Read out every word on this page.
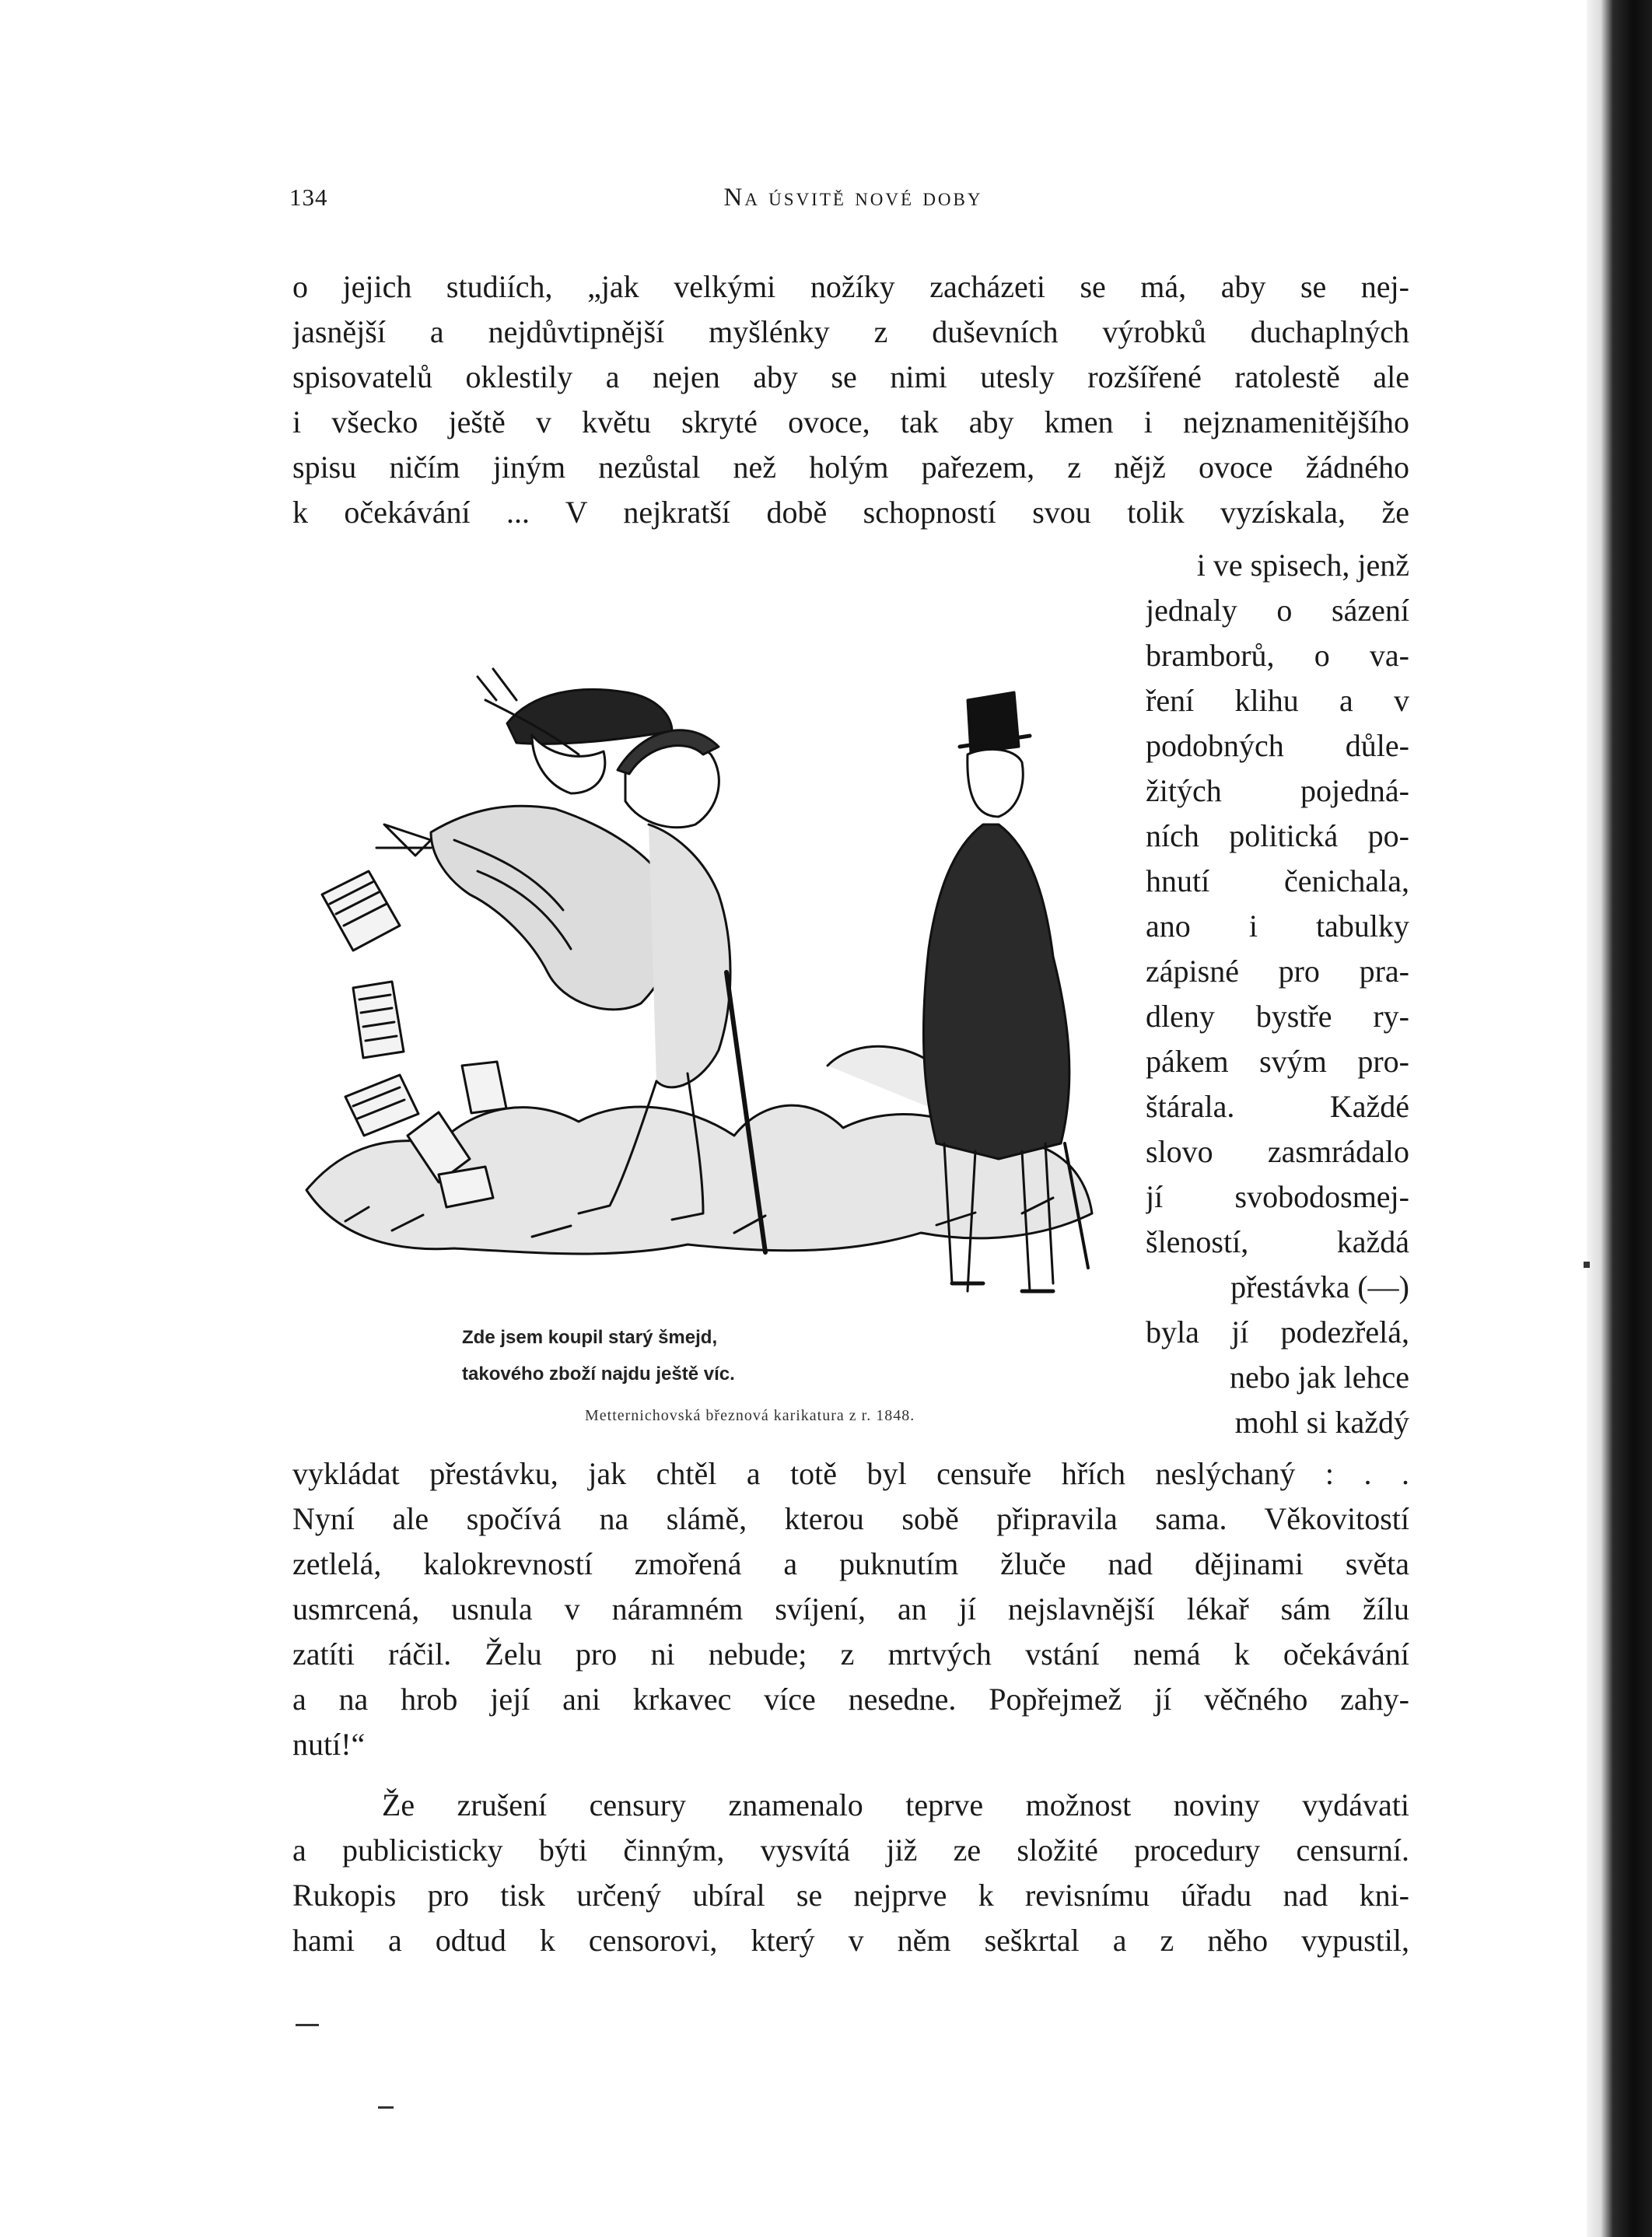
134	Na úsvitě nové doby
o jejich studiích, „jak velkými nožíky zacházeti se má, aby se nej-
jasnější a nejdůvtipnější myšlénky z duševních výrobků duchaplných
spisovatelů oklestily a nejen aby se nimi utesly rozšířené ratolestě ale
i všecko ještě v květu skryté ovoce, tak aby kmen i nejznamenitějšího
spisu ničím jiným nezůstal než holým pařezem, z nějž ovoce žádného
k očekávání ... V nejkratší době schopností svou tolik vyzískala, že
i ve spisech, jenž
jednaly o sázení
bramborů, o va-
ření klihu a v
podobných důle-
žitých pojedná-
ních politická po-
hnutí čenichala,
ano i tabulky
zápisné pro pra-
dleny bystře ry-
pákem svým pro-
štárala. Každé
slovo zasmrádalo
jí svobodosmej-
šleností, každá
přestávka (—)
byla jí podezřelá,
nebo jak lehce
mohl si každý
Zde jsem koupil starý šmejd,
takového zboží najdu ještě víc.
Metternichovská březnová karikatura z r. 1848.
vykládat přestávku, jak chtěl a totě byl censuře hřích neslýchaný : . .
Nyní ale spočívá na slámě, kterou sobě připravila sama. Věkovitostí
zetlelá, kalokrevností zmořená a puknutím žluče nad dějinami světa
usmrcená, usnula v náramném svíjení, an jí nejslavnější lékař sám žílu
zatíti ráčil. Želu pro ni nebude; z mrtvých vstání nemá k očekávání
a na hrob její ani krkavec více nesedne. Popřejmež jí věčného zahy-
nutí!“
Že zrušení censury znamenalo teprve možnost noviny vydávati
a publicisticky býti činným, vysvítá již ze složité procedury censurní.
Rukopis pro tisk určený ubíral se nejprve k revisnímu úřadu nad kni-
hami a odtud k censorovi, který v něm seškrtal a z něho vypustil,
